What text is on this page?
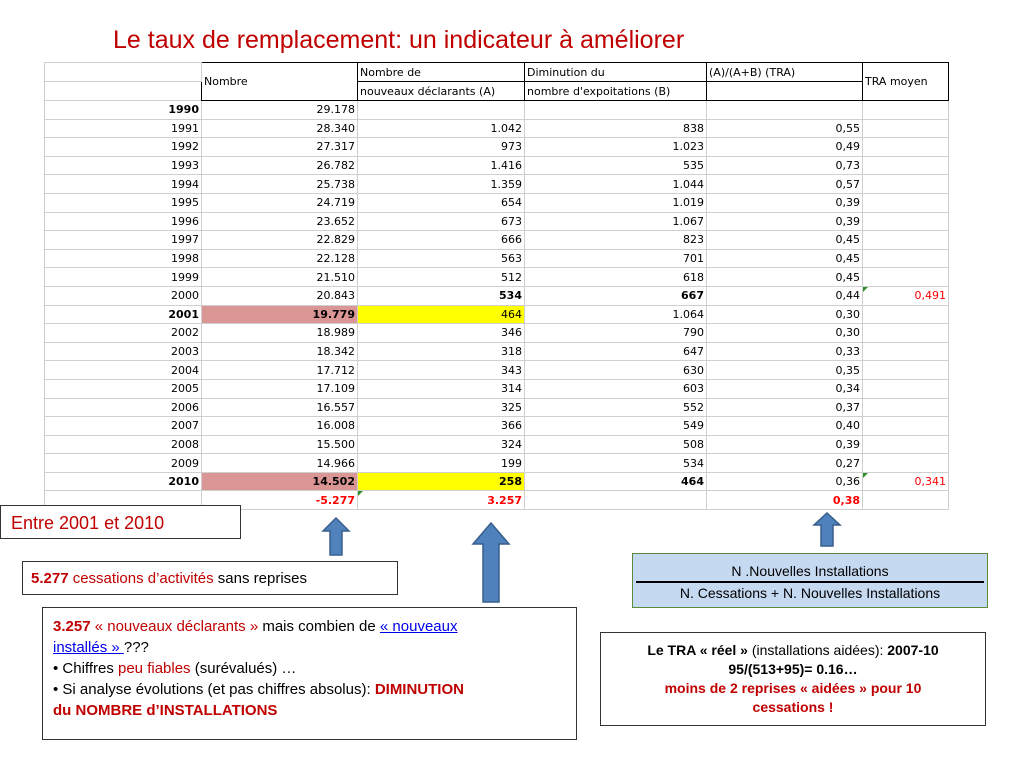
Le taux de remplacement: un indicateur à améliorer
	Nombre	Nombre de	Diminution du	(A)/(A+B) (TRA)	TRA moyen
		nouveaux déclarants (A)	nombre d'expoitations (B)		
1990	29.178				
1991	28.340	1.042	838	0,55	
1992	27.317	973	1.023	0,49	
1993	26.782	1.416	535	0,73	
1994	25.738	1.359	1.044	0,57	
1995	24.719	654	1.019	0,39	
1996	23.652	673	1.067	0,39	
1997	22.829	666	823	0,45	
1998	22.128	563	701	0,45	
1999	21.510	512	618	0,45	
2000	20.843	534	667	0,44	0,491
2001	19.779	464	1.064	0,30	
2002	18.989	346	790	0,30	
2003	18.342	318	647	0,33	
2004	17.712	343	630	0,35	
2005	17.109	314	603	0,34	
2006	16.557	325	552	0,37	
2007	16.008	366	549	0,40	
2008	15.500	324	508	0,39	
2009	14.966	199	534	0,27	
2010	14.502	258	464	0,36	0,341
	-5.277	3.257		0,38	
Entre 2001 et 2010
5.277 cessations d’activités sans reprises
3.257 « nouveaux déclarants » mais combien de « nouveaux
installés » ???
• Chiffres peu fiables (surévalués) …
• Si analyse évolutions (et pas chiffres absolus): DIMINUTION
du NOMBRE d’INSTALLATIONS
N .Nouvelles Installations
N. Cessations + N. Nouvelles Installations
Le TRA « réel » (installations aidées): 2007-10
95/(513+95)= 0.16…
moins de 2 reprises « aidées » pour 10
cessations !
